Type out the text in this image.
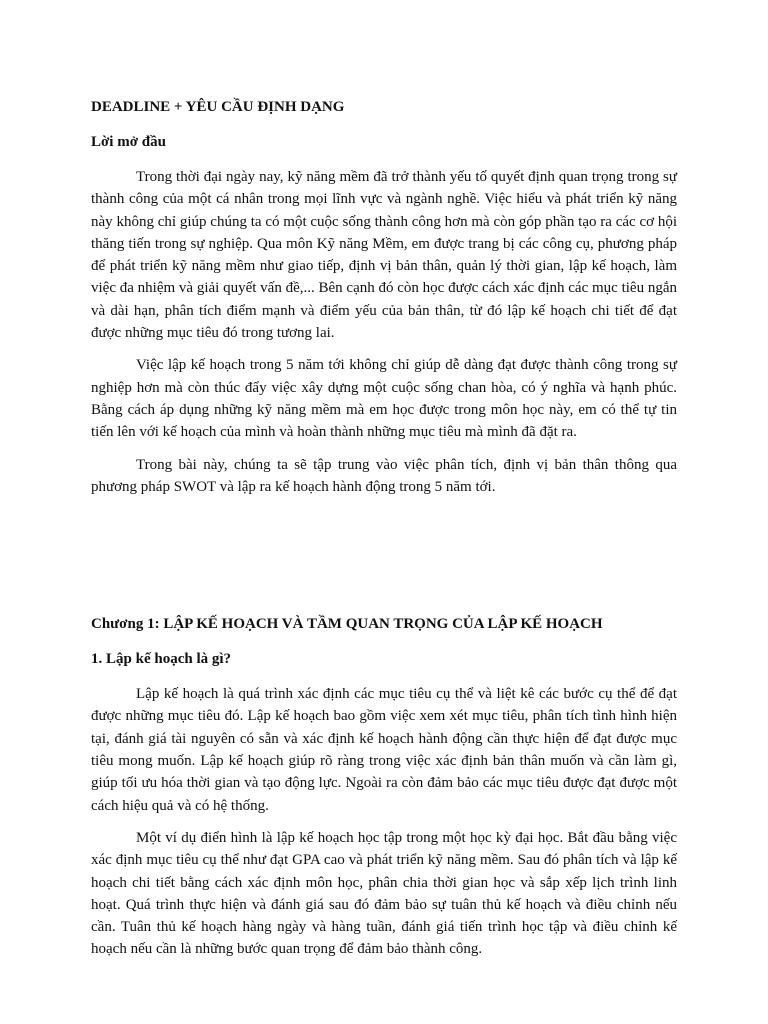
DEADLINE + YÊU CẦU ĐỊNH DẠNG
Lời mở đầu

Trong thời đại ngày nay, kỹ năng mềm đã trở thành yếu tố quyết định quan trọng trong sự thành công của một cá nhân trong mọi lĩnh vực và ngành nghề. Việc hiểu và phát triển kỹ năng này không chỉ giúp chúng ta có một cuộc sống thành công hơn mà còn góp phần tạo ra các cơ hội thăng tiến trong sự nghiệp. Qua môn Kỹ năng Mềm, em được trang bị các công cụ, phương pháp để phát triển kỹ năng mềm như giao tiếp, định vị bản thân, quản lý thời gian, lập kế hoạch, làm việc đa nhiệm và giải quyết vấn đề,... Bên cạnh đó còn học được cách xác định các mục tiêu ngắn và dài hạn, phân tích điểm mạnh và điểm yếu của bản thân, từ đó lập kế hoạch chi tiết để đạt được những mục tiêu đó trong tương lai.

Việc lập kế hoạch trong 5 năm tới không chỉ giúp dễ dàng đạt được thành công trong sự nghiệp hơn mà còn thúc đẩy việc xây dựng một cuộc sống chan hòa, có ý nghĩa và hạnh phúc. Bằng cách áp dụng những kỹ năng mềm mà em học được trong môn học này, em có thể tự tin tiến lên với kế hoạch của mình và hoàn thành những mục tiêu mà mình đã đặt ra.

Trong bài này, chúng ta sẽ tập trung vào việc phân tích, định vị bản thân thông qua phương pháp SWOT và lập ra kế hoạch hành động trong 5 năm tới.

Chương 1: LẬP KẾ HOẠCH VÀ TẦM QUAN TRỌNG CỦA LẬP KẾ HOẠCH
1. Lập kế hoạch là gì?

Lập kế hoạch là quá trình xác định các mục tiêu cụ thể và liệt kê các bước cụ thể để đạt được những mục tiêu đó. Lập kế hoạch bao gồm việc xem xét mục tiêu, phân tích tình hình hiện tại, đánh giá tài nguyên có sẵn và xác định kế hoạch hành động cần thực hiện để đạt được mục tiêu mong muốn. Lập kế hoạch giúp rõ ràng trong việc xác định bản thân muốn và cần làm gì, giúp tối ưu hóa thời gian và tạo động lực. Ngoài ra còn đảm bảo các mục tiêu được đạt được một cách hiệu quả và có hệ thống.

Một ví dụ điển hình là lập kế hoạch học tập trong một học kỳ đại học. Bắt đầu bằng việc xác định mục tiêu cụ thể như đạt GPA cao và phát triển kỹ năng mềm. Sau đó phân tích và lập kế hoạch chi tiết bằng cách xác định môn học, phân chia thời gian học và sắp xếp lịch trình linh hoạt. Quá trình thực hiện và đánh giá sau đó đảm bảo sự tuân thủ kế hoạch và điều chỉnh nếu cần. Tuân thủ kế hoạch hàng ngày và hàng tuần, đánh giá tiến trình học tập và điều chỉnh kế hoạch nếu cần là những bước quan trọng để đảm bảo thành công.
